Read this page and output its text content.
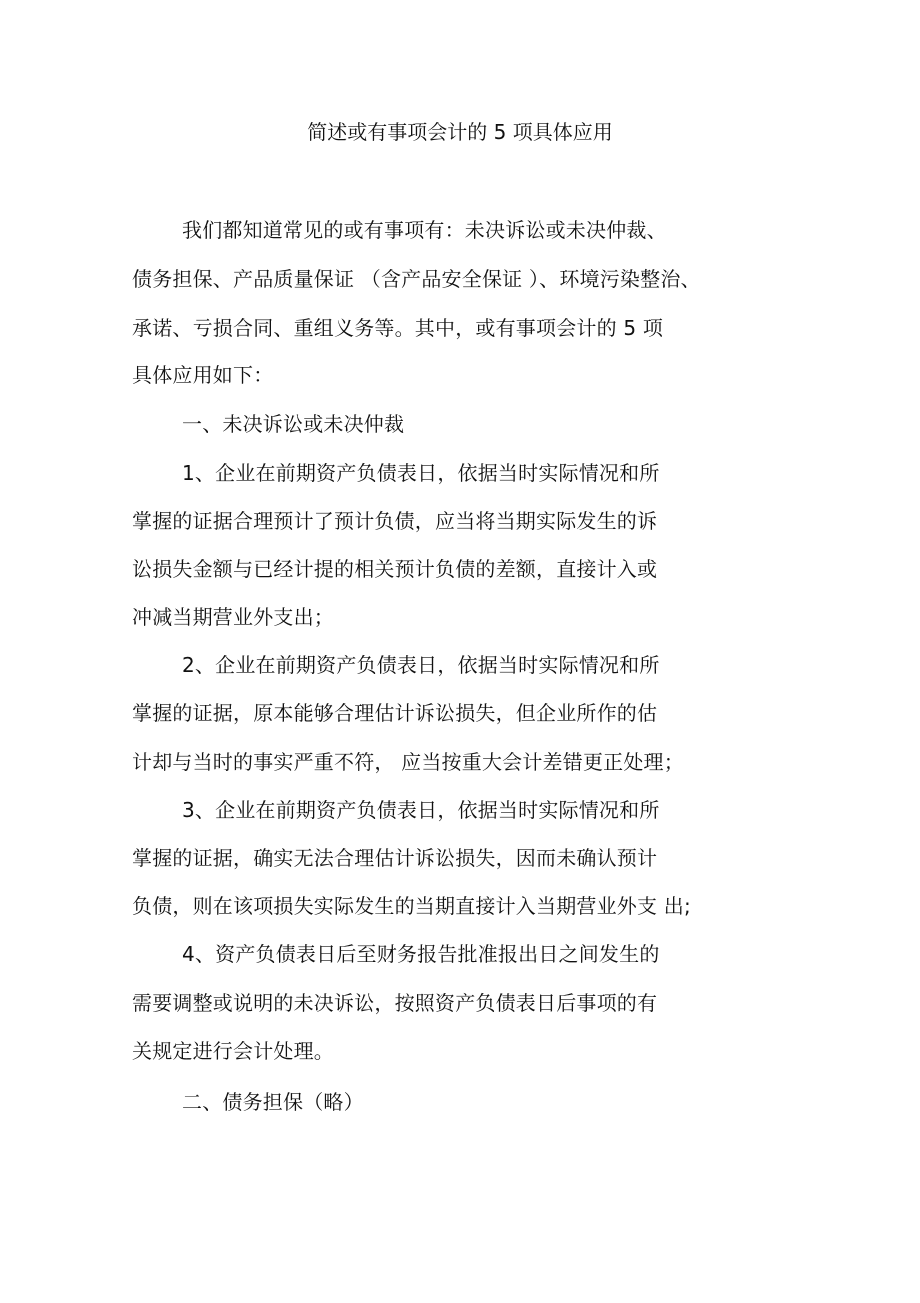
简述或有事项会计的 5 项具体应用
我们都知道常见的或有事项有：未决诉讼或未决仲裁、
债务担保、产品质量保证 （含产品安全保证 ）、环境污染整治、
承诺、亏损合同、重组义务等。其中，或有事项会计的 5 项
具体应用如下：
一、未决诉讼或未决仲裁
1、企业在前期资产负债表日，依据当时实际情况和所
掌握的证据合理预计了预计负债，应当将当期实际发生的诉
讼损失金额与已经计提的相关预计负债的差额，直接计入或
冲减当期营业外支出；
2、企业在前期资产负债表日，依据当时实际情况和所
掌握的证据，原本能够合理估计诉讼损失，但企业所作的估
计却与当时的事实严重不符， 应当按重大会计差错更正处理；
3、企业在前期资产负债表日，依据当时实际情况和所
掌握的证据，确实无法合理估计诉讼损失，因而未确认预计
负债，则在该项损失实际发生的当期直接计入当期营业外支 出;
4、资产负债表日后至财务报告批准报出日之间发生的
需要调整或说明的未决诉讼，按照资产负债表日后事项的有
关规定进行会计处理。
二、债务担保（略）
